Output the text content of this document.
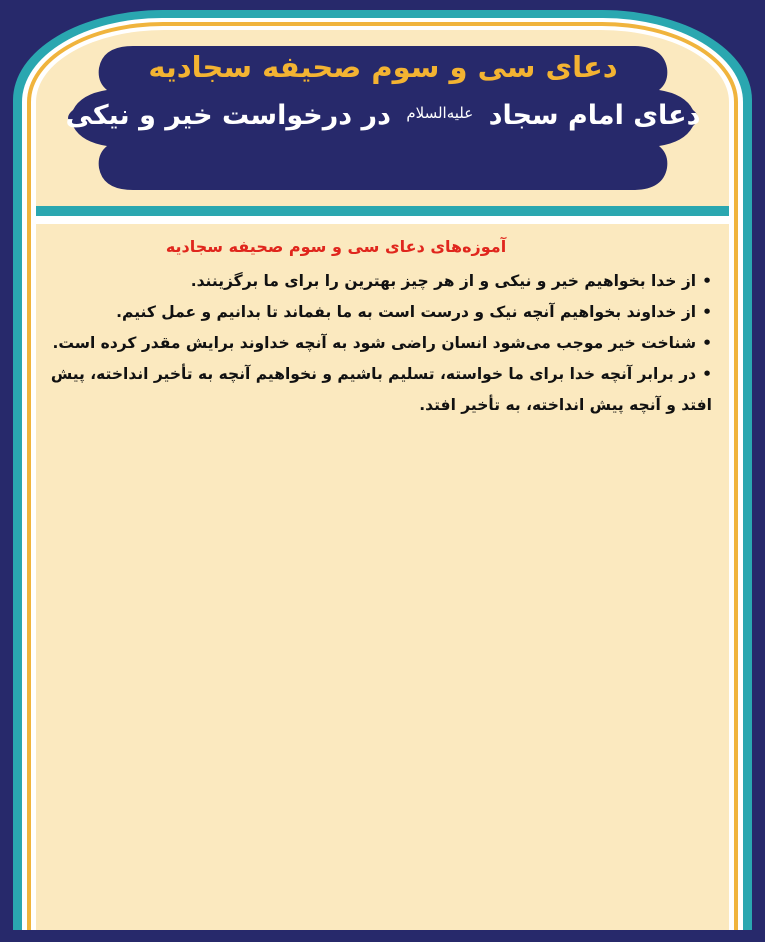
دعای سی و سوم صحیفه سجادیه
دعای امام سجاد $^{علیه‌السلام}$ در درخواست خیر و نیکی
آموزه‌های دعای سی و سوم صحیفه سجادیه
•از خدا بخواهیم خیر و نیکی و از هر چیز بهترین را برای ما برگزینند.
•از خداوند بخواهیم آنچه نیک و درست است به ما بفماند تا بدانیم و عمل کنیم.
•شناخت خیر موجب می‌شود انسان راضی شود به آنچه خداوند برایش مقدر کرده است.
•در برابر آنچه خدا برای ما خواسته، تسلیم باشیم و نخواهیم آنچه به تأخیر انداخته، پیش افتد و آنچه پیش انداخته، به تأخیر افتد.
